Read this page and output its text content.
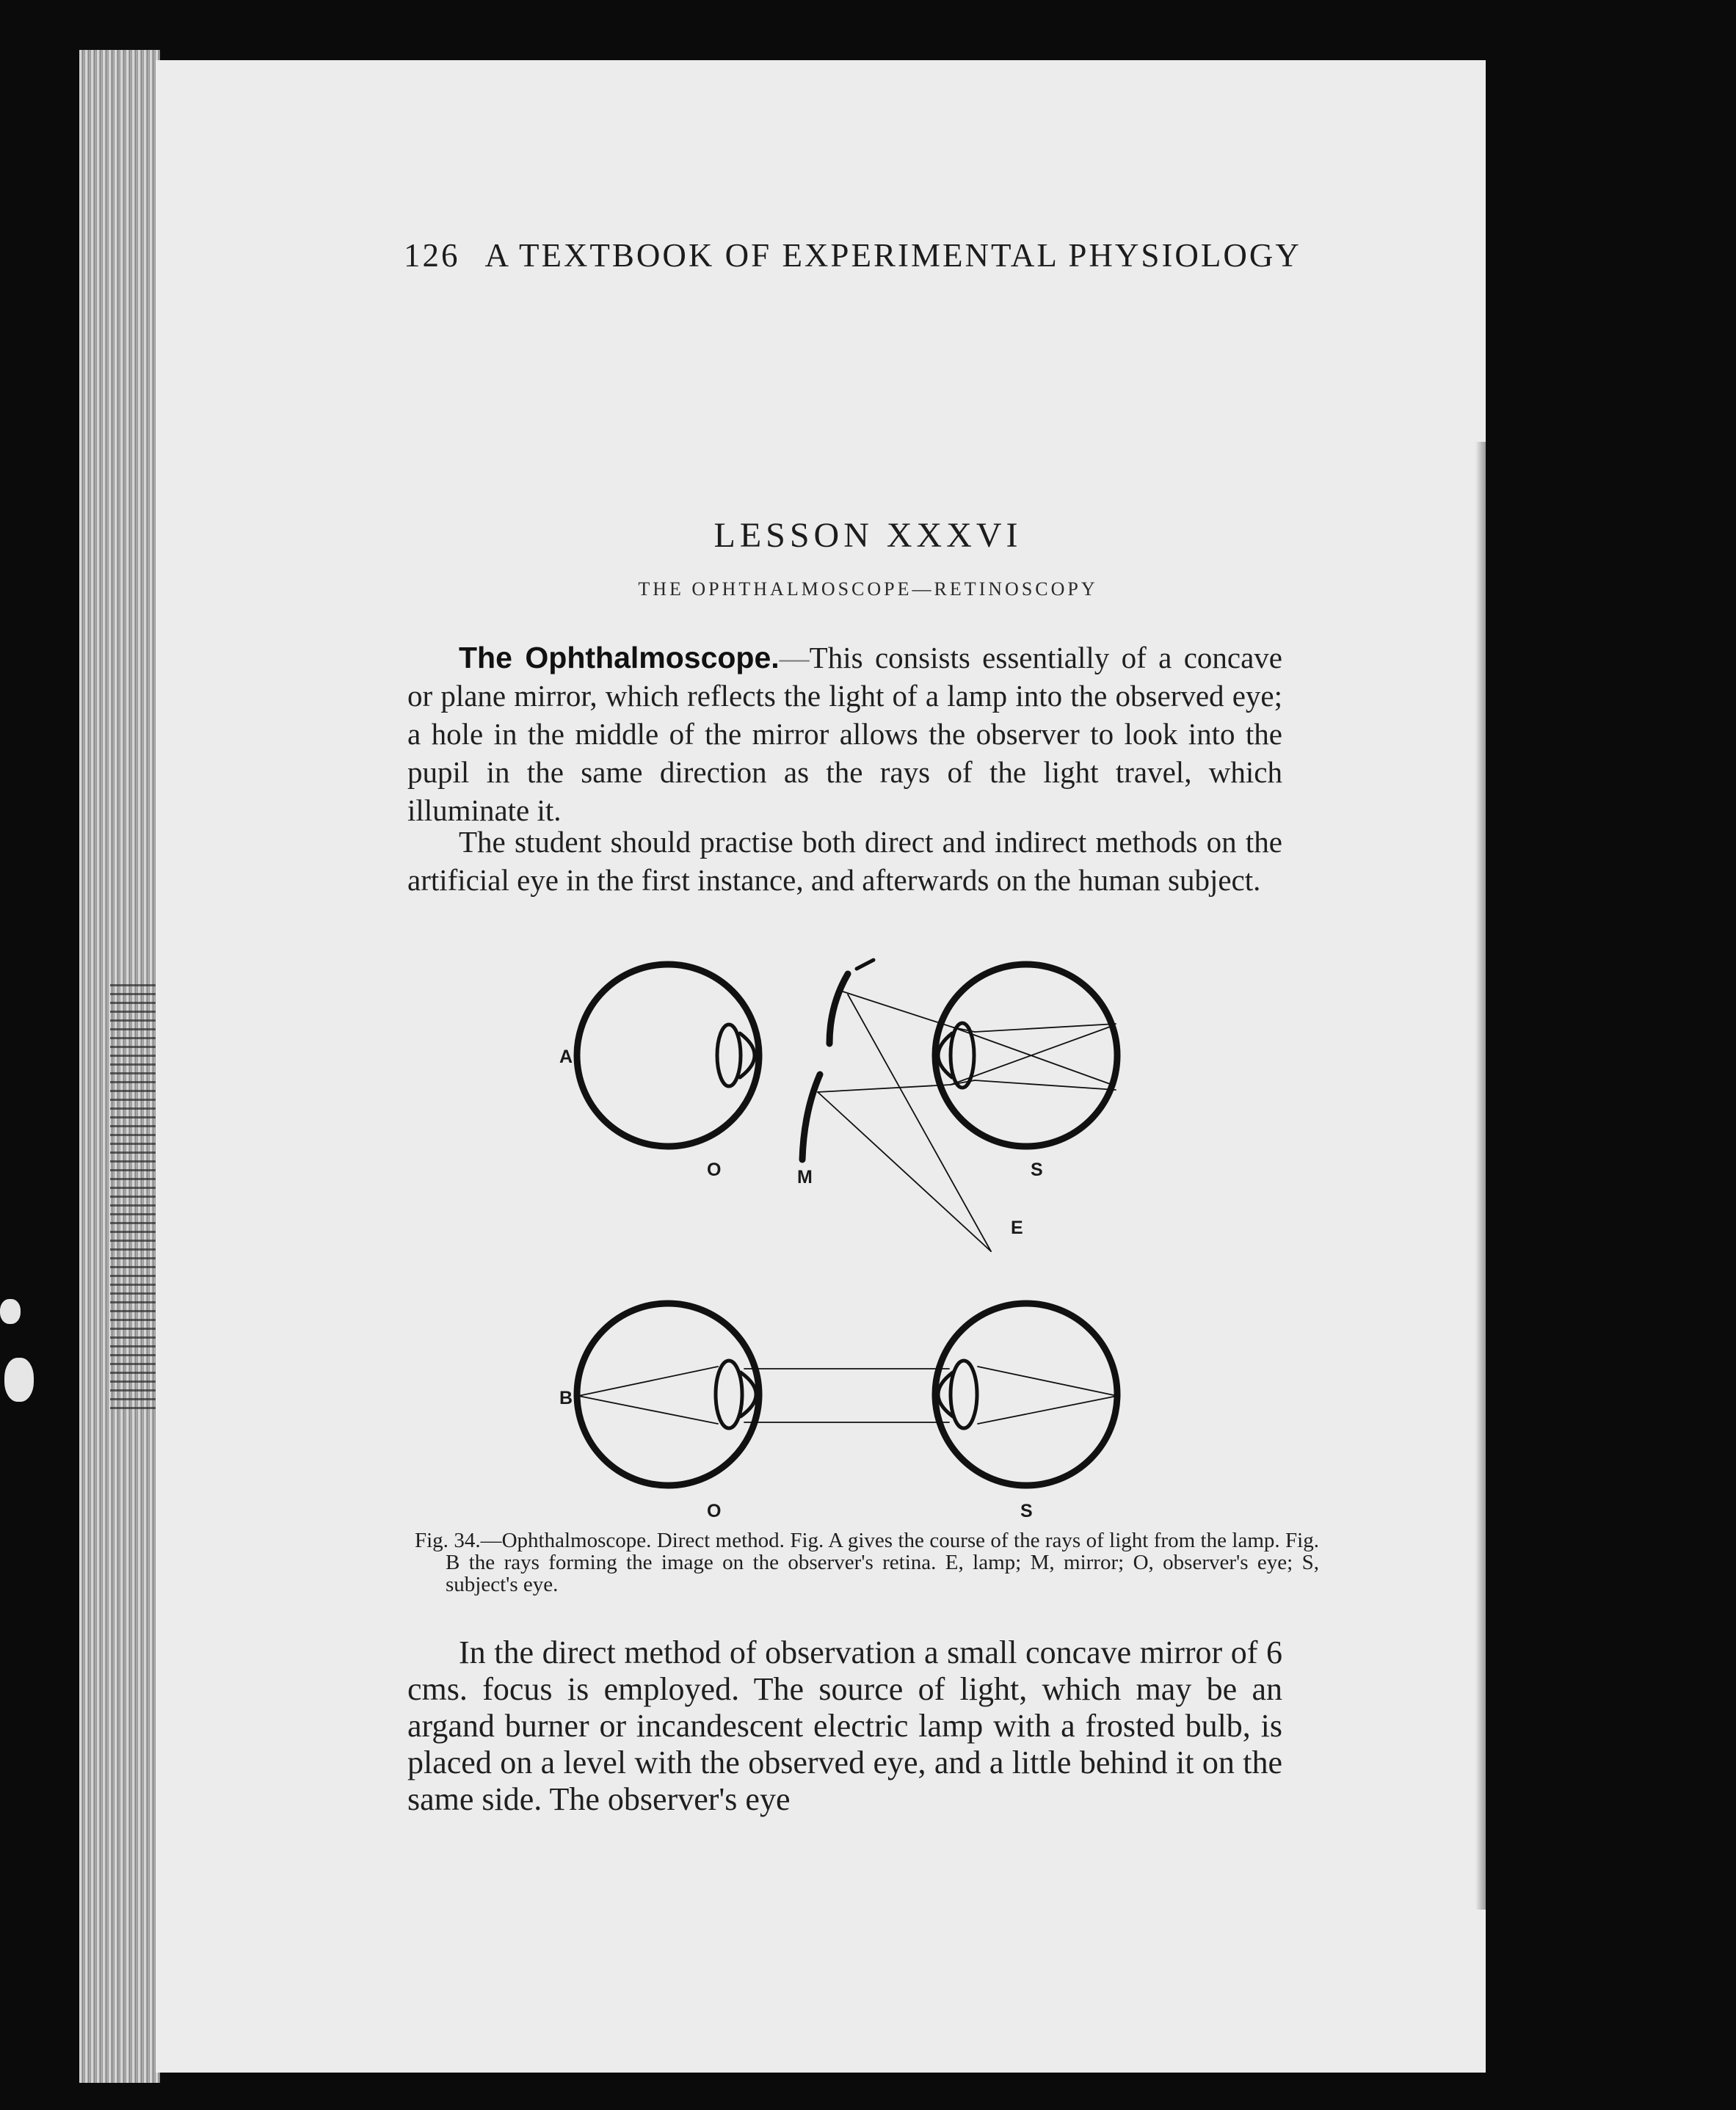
126 A TEXTBOOK OF EXPERIMENTAL PHYSIOLOGY
LESSON XXXVI
THE OPHTHALMOSCOPE—RETINOSCOPY

The Ophthalmoscope.—This consists essentially of a concave or plane mirror, which reflects the light of a lamp into the observed eye; a hole in the middle of the mirror allows the observer to look into the pupil in the same direction as the rays of the light travel, which illuminate it.

The student should practise both direct and indirect methods on the artificial eye in the first instance, and afterwards on the human subject.

A
O	M	S
E
B
O	S

Fig. 34.—Ophthalmoscope. Direct method. Fig. A gives the course of the rays of light from the lamp. Fig. B the rays forming the image on the observer's retina. E, lamp; M, mirror; O, observer's eye; S, subject's eye.

In the direct method of observation a small concave mirror of 6 cms. focus is employed. The source of light, which may be an argand burner or incandescent electric lamp with a frosted bulb, is placed on a level with the observed eye, and a little behind it on the same side. The observer's eye
